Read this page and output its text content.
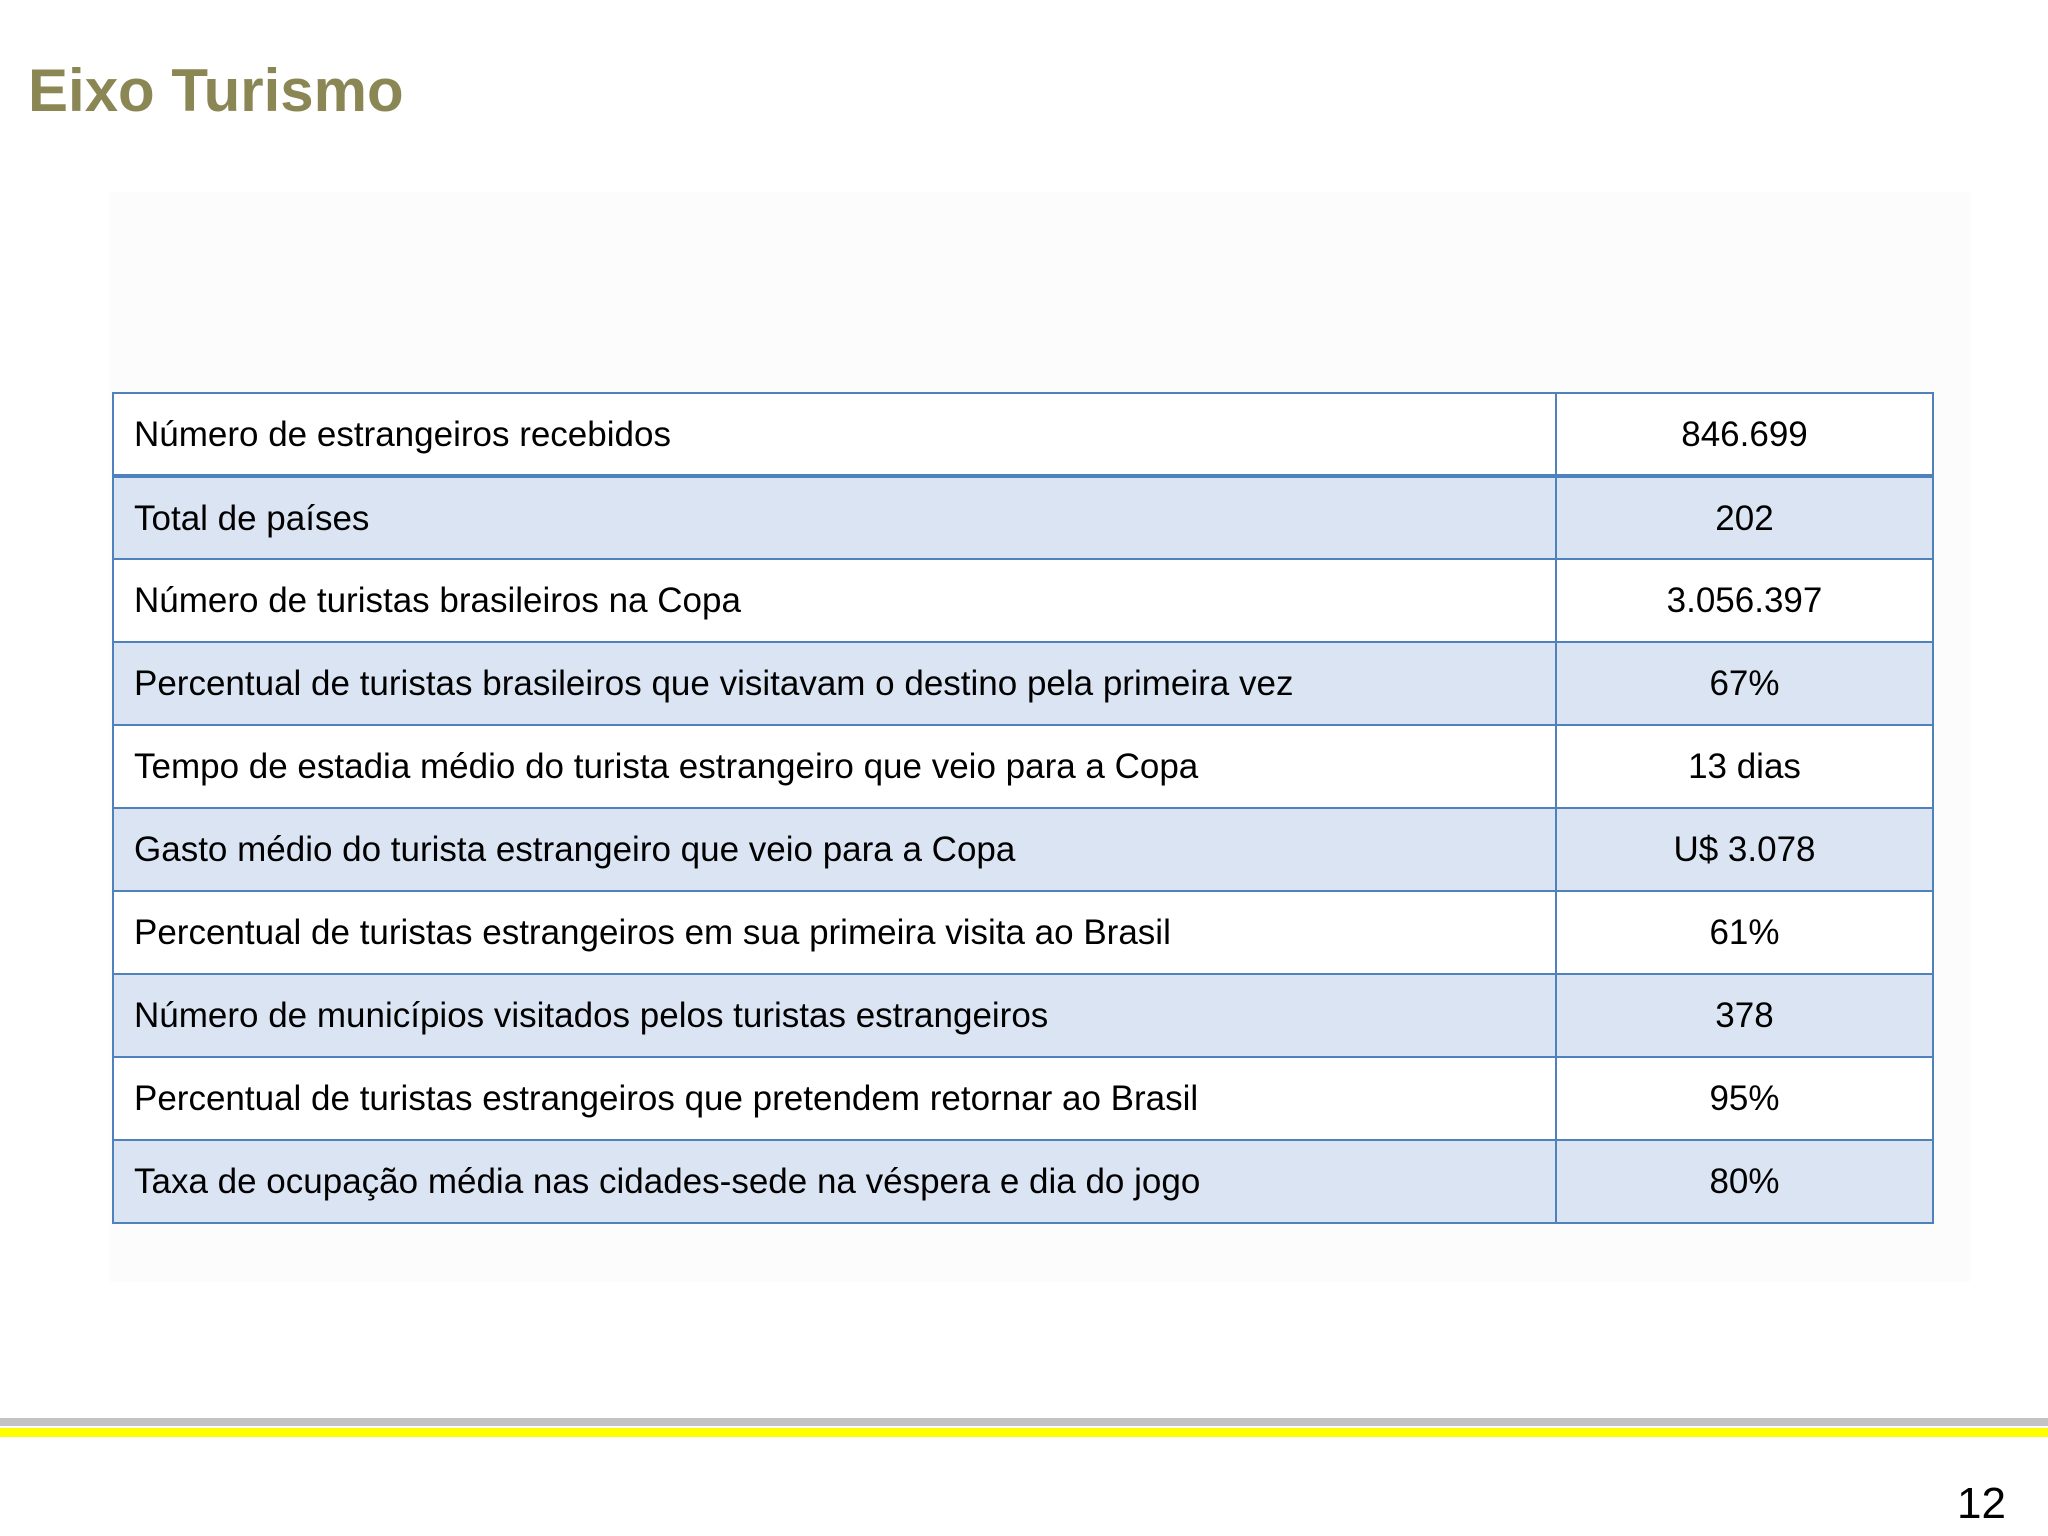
Eixo Turismo
Número de estrangeiros recebidos	846.699
Total de países	202
Número de turistas brasileiros na Copa	3.056.397
Percentual de turistas brasileiros que visitavam o destino pela primeira vez	67%
Tempo de estadia médio do turista estrangeiro que veio para a Copa	13 dias
Gasto médio do turista estrangeiro que veio para a Copa	U$ 3.078
Percentual de turistas estrangeiros em sua primeira visita ao Brasil	61%
Número de municípios visitados pelos turistas estrangeiros	378
Percentual de turistas estrangeiros que pretendem retornar ao Brasil	95%
Taxa de ocupação média nas cidades-sede na véspera e dia do jogo	80%
12
